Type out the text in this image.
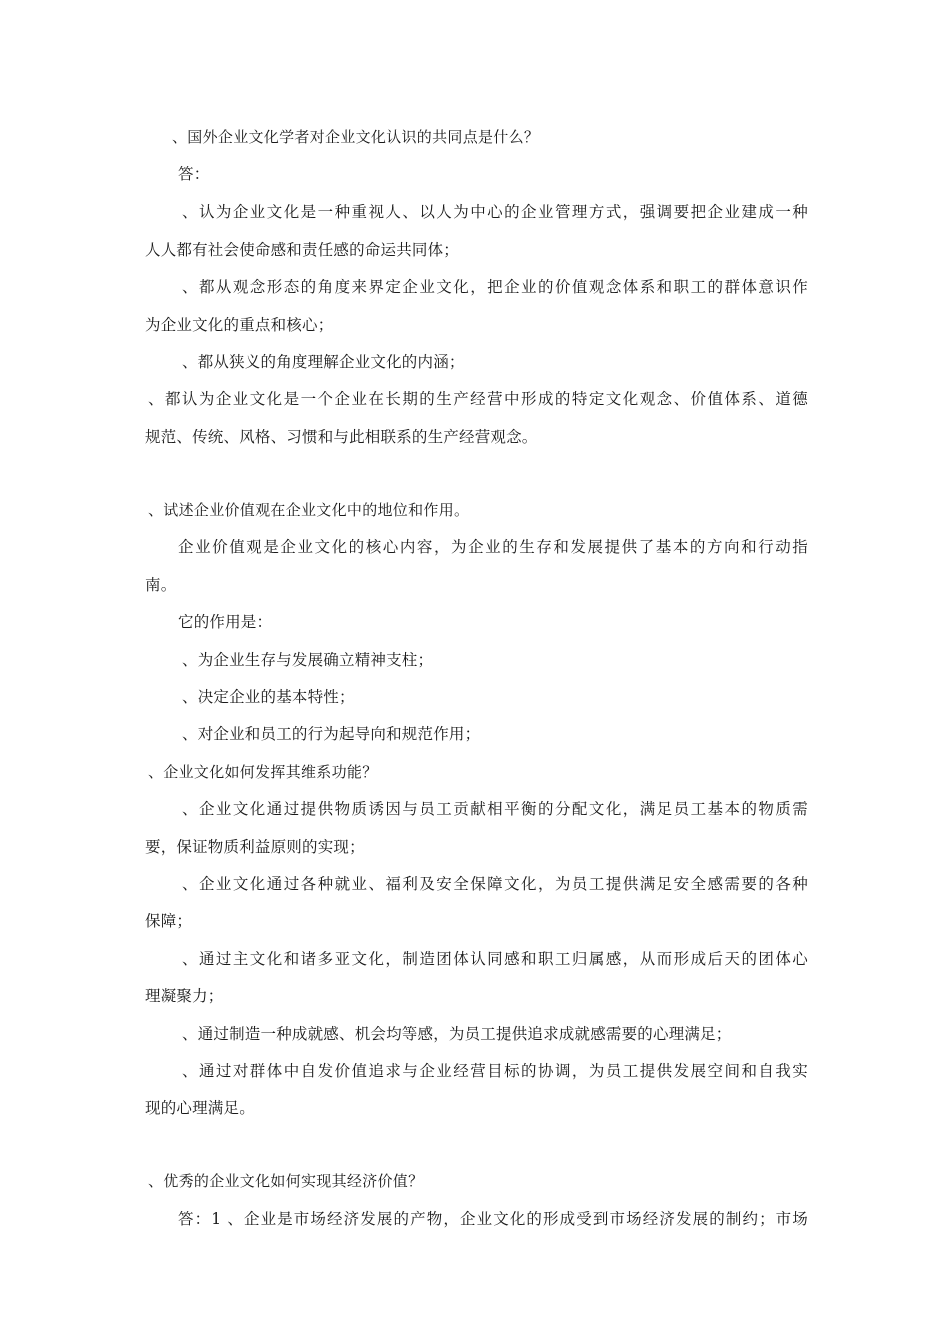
、国外企业文化学者对企业文化认识的共同点是什么？
答：
、认为企业文化是一种重视人、以人为中心的企业管理方式，强调要把企业建成一种
人人都有社会使命感和责任感的命运共同体；
、都从观念形态的角度来界定企业文化，把企业的价值观念体系和职工的群体意识作
为企业文化的重点和核心；
、都从狭义的角度理解企业文化的内涵；
、都认为企业文化是一个企业在长期的生产经营中形成的特定文化观念、价值体系、道德
规范、传统、风格、习惯和与此相联系的生产经营观念。
、试述企业价值观在企业文化中的地位和作用。
企业价值观是企业文化的核心内容，为企业的生存和发展提供了基本的方向和行动指
南。
它的作用是：
、为企业生存与发展确立精神支柱；
、决定企业的基本特性；
、对企业和员工的行为起导向和规范作用；
、企业文化如何发挥其维系功能？
、企业文化通过提供物质诱因与员工贡献相平衡的分配文化，满足员工基本的物质需
要，保证物质利益原则的实现；
、企业文化通过各种就业、福利及安全保障文化，为员工提供满足安全感需要的各种
保障；
、通过主文化和诸多亚文化，制造团体认同感和职工归属感，从而形成后天的团体心
理凝聚力；
、通过制造一种成就感、机会均等感，为员工提供追求成就感需要的心理满足；
、通过对群体中自发价值追求与企业经营目标的协调，为员工提供发展空间和自我实
现的心理满足。
、优秀的企业文化如何实现其经济价值？
答：1 、企业是市场经济发展的产物，企业文化的形成受到市场经济发展的制约；市场
